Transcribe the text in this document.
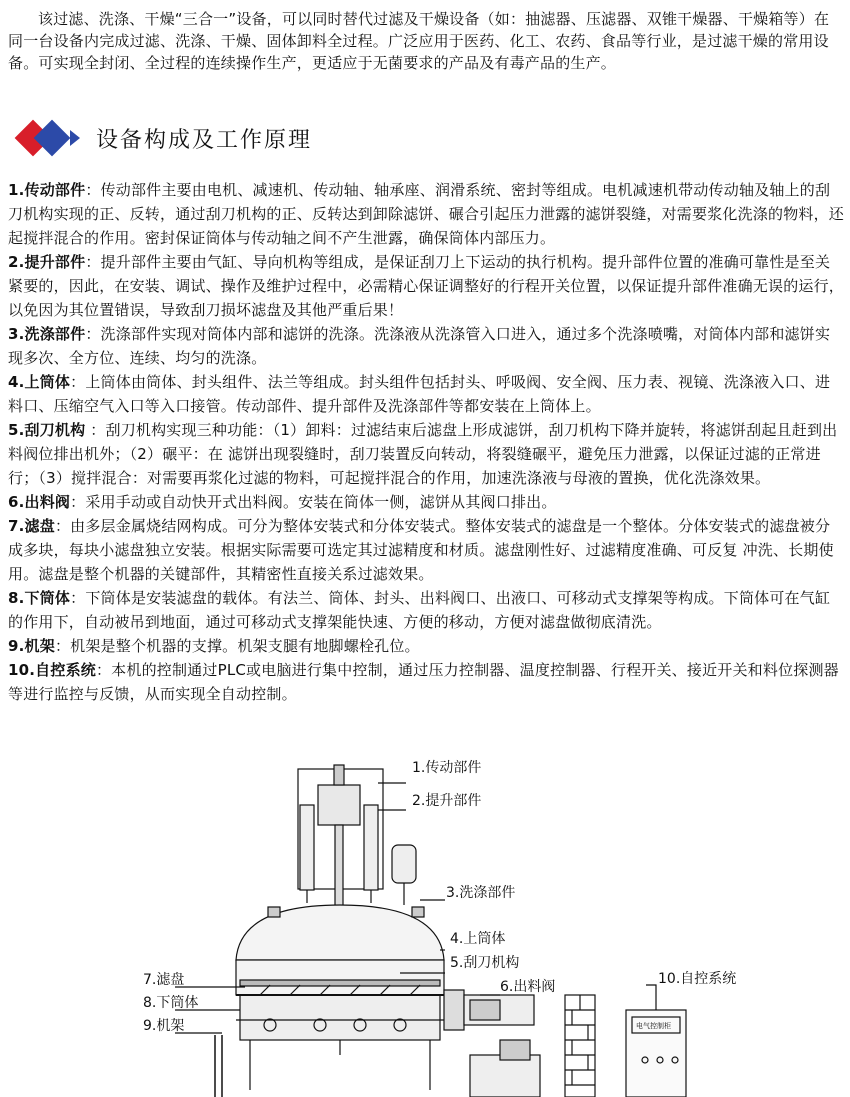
该过滤、洗涤、干燥“三合一”设备，可以同时替代过滤及干燥设备（如：抽滤器、压滤器、双锥干燥器、干燥箱等）在同一台设备内完成过滤、洗涤、干燥、固体卸料全过程。广泛应用于医药、化工、农药、食品等行业，是过滤干燥的常用设备。可实现全封闭、全过程的连续操作生产，更适应于无菌要求的产品及有毒产品的生产。
设备构成及工作原理

1.传动部件：传动部件主要由电机、减速机、传动轴、轴承座、润滑系统、密封等组成。电机减速机带动传动轴及轴上的刮刀机构实现的正、反转，通过刮刀机构的正、反转达到卸除滤饼、碾合引起压力泄露的滤饼裂缝，对需要浆化洗涤的物料，还起搅拌混合的作用。密封保证筒体与传动轴之间不产生泄露，确保筒体内部压力。

2.提升部件：提升部件主要由气缸、导向机构等组成，是保证刮刀上下运动的执行机构。提升部件位置的准确可靠性是至关紧要的，因此，在安装、调试、操作及维护过程中，必需精心保证调整好的行程开关位置，以保证提升部件准确无误的运行，以免因为其位置错误，导致刮刀损坏滤盘及其他严重后果！

3.洗涤部件：洗涤部件实现对筒体内部和滤饼的洗涤。洗涤液从洗涤管入口进入，通过多个洗涤喷嘴，对筒体内部和滤饼实现多次、全方位、连续、均匀的洗涤。

4.上筒体：上筒体由筒体、封头组件、法兰等组成。封头组件包括封头、呼吸阀、安全阀、压力表、视镜、洗涤液入口、进料口、压缩空气入口等入口接管。传动部件、提升部件及洗涤部件等都安装在上筒体上。

5.刮刀机构 ：刮刀机构实现三种功能：（1）卸料：过滤结束后滤盘上形成滤饼，刮刀机构下降并旋转，将滤饼刮起且赶到出料阀位排出机外；（2）碾平：在 滤饼出现裂缝时，刮刀装置反向转动，将裂缝碾平，避免压力泄露，以保证过滤的正常进行；（3）搅拌混合：对需要再浆化过滤的物料，可起搅拌混合的作用，加速洗涤液与母液的置换，优化洗涤效果。

6.出料阀：采用手动或自动快开式出料阀。安装在筒体一侧，滤饼从其阀口排出。

7.滤盘：由多层金属烧结网构成。可分为整体安装式和分体安装式。整体安装式的滤盘是一个整体。分体安装式的滤盘被分成多块，每块小滤盘独立安装。根据实际需要可选定其过滤精度和材质。滤盘刚性好、过滤精度准确、可反复 冲洗、长期使用。滤盘是整个机器的关键部件，其精密性直接关系过滤效果。

8.下筒体：下筒体是安装滤盘的载体。有法兰、筒体、封头、出料阀口、出液口、可移动式支撑架等构成。下筒体可在气缸的作用下，自动被吊到地面，通过可移动式支撑架能快速、方便的移动，方便对滤盘做彻底清洗。

9.机架：机架是整个机器的支撑。机架支腿有地脚螺栓孔位。

10.自控系统：本机的控制通过PLC或电脑进行集中控制，通过压力控制器、温度控制器、行程开关、接近开关和料位探测器等进行监控与反馈，从而实现全自动控制。

1.传动部件
2.提升部件
3.洗涤部件
4.上筒体
5.刮刀机构
6.出料阀
7.滤盘
8.下筒体
9.机架
10.自控系统
电气控制柜
